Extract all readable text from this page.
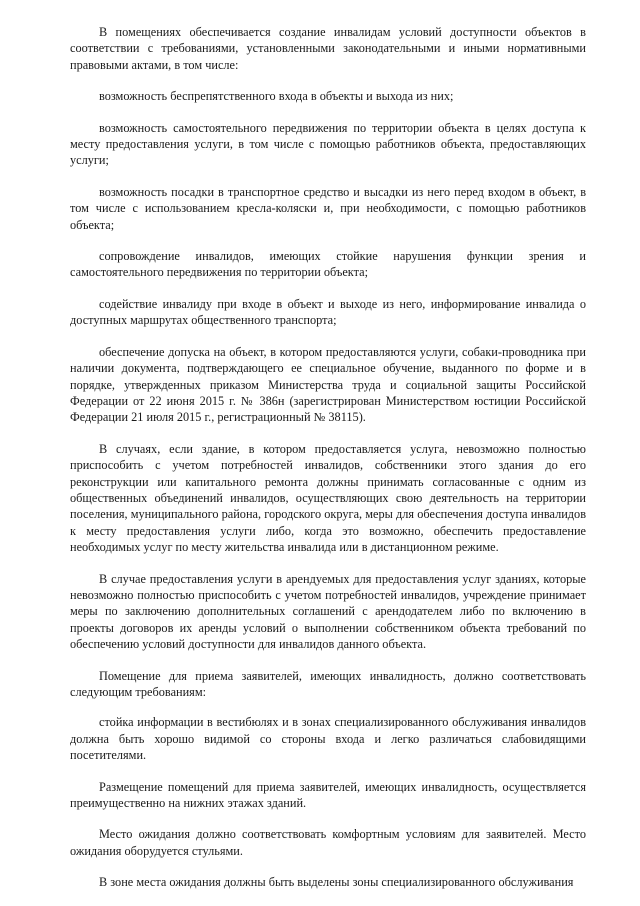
В помещениях обеспечивается создание инвалидам условий доступности объектов в соответствии с требованиями, установленными законодательными и иными нормативными правовыми актами, в том числе:

возможность беспрепятственного входа в объекты и выхода из них;

возможность самостоятельного передвижения по территории объекта в целях доступа к месту предоставления услуги, в том числе с помощью работников объекта, предоставляющих услуги;

возможность посадки в транспортное средство и высадки из него перед входом в объект, в том числе с использованием кресла-коляски и, при необходимости, с помощью работников объекта;

сопровождение инвалидов, имеющих стойкие нарушения функции зрения и самостоятельного передвижения по территории объекта;

содействие инвалиду при входе в объект и выходе из него, информирование инвалида о доступных маршрутах общественного транспорта;

обеспечение допуска на объект, в котором предоставляются услуги, собаки-проводника при наличии документа, подтверждающего ее специальное обучение, выданного по форме и в порядке, утвержденных приказом Министерства труда и социальной защиты Российской Федерации от 22 июня 2015 г. № 386н (зарегистрирован Министерством юстиции Российской Федерации 21 июля 2015 г., регистрационный № 38115).

В случаях, если здание, в котором предоставляется услуга, невозможно полностью приспособить с учетом потребностей инвалидов, собственники этого здания до его реконструкции или капитального ремонта должны принимать согласованные с одним из общественных объединений инвалидов, осуществляющих свою деятельность на территории поселения, муниципального района, городского округа, меры для обеспечения доступа инвалидов к месту предоставления услуги либо, когда это возможно, обеспечить предоставление необходимых услуг по месту жительства инвалида или в дистанционном режиме.

В случае предоставления услуги в арендуемых для предоставления услуг зданиях, которые невозможно полностью приспособить с учетом потребностей инвалидов, учреждение принимает меры по заключению дополнительных соглашений с арендодателем либо по включению в проекты договоров их аренды условий о выполнении собственником объекта требований по обеспечению условий доступности для инвалидов данного объекта.

Помещение для приема заявителей, имеющих инвалидность, должно соответствовать следующим требованиям:

стойка информации в вестибюлях и в зонах специализированного обслуживания инвалидов должна быть хорошо видимой со стороны входа и легко различаться слабовидящими посетителями.

Размещение помещений для приема заявителей, имеющих инвалидность, осуществляется преимущественно на нижних этажах зданий.

Место ожидания должно соответствовать комфортным условиям для заявителей. Место ожидания оборудуется стульями.

В зоне места ожидания должны быть выделены зоны специализированного обслуживания
